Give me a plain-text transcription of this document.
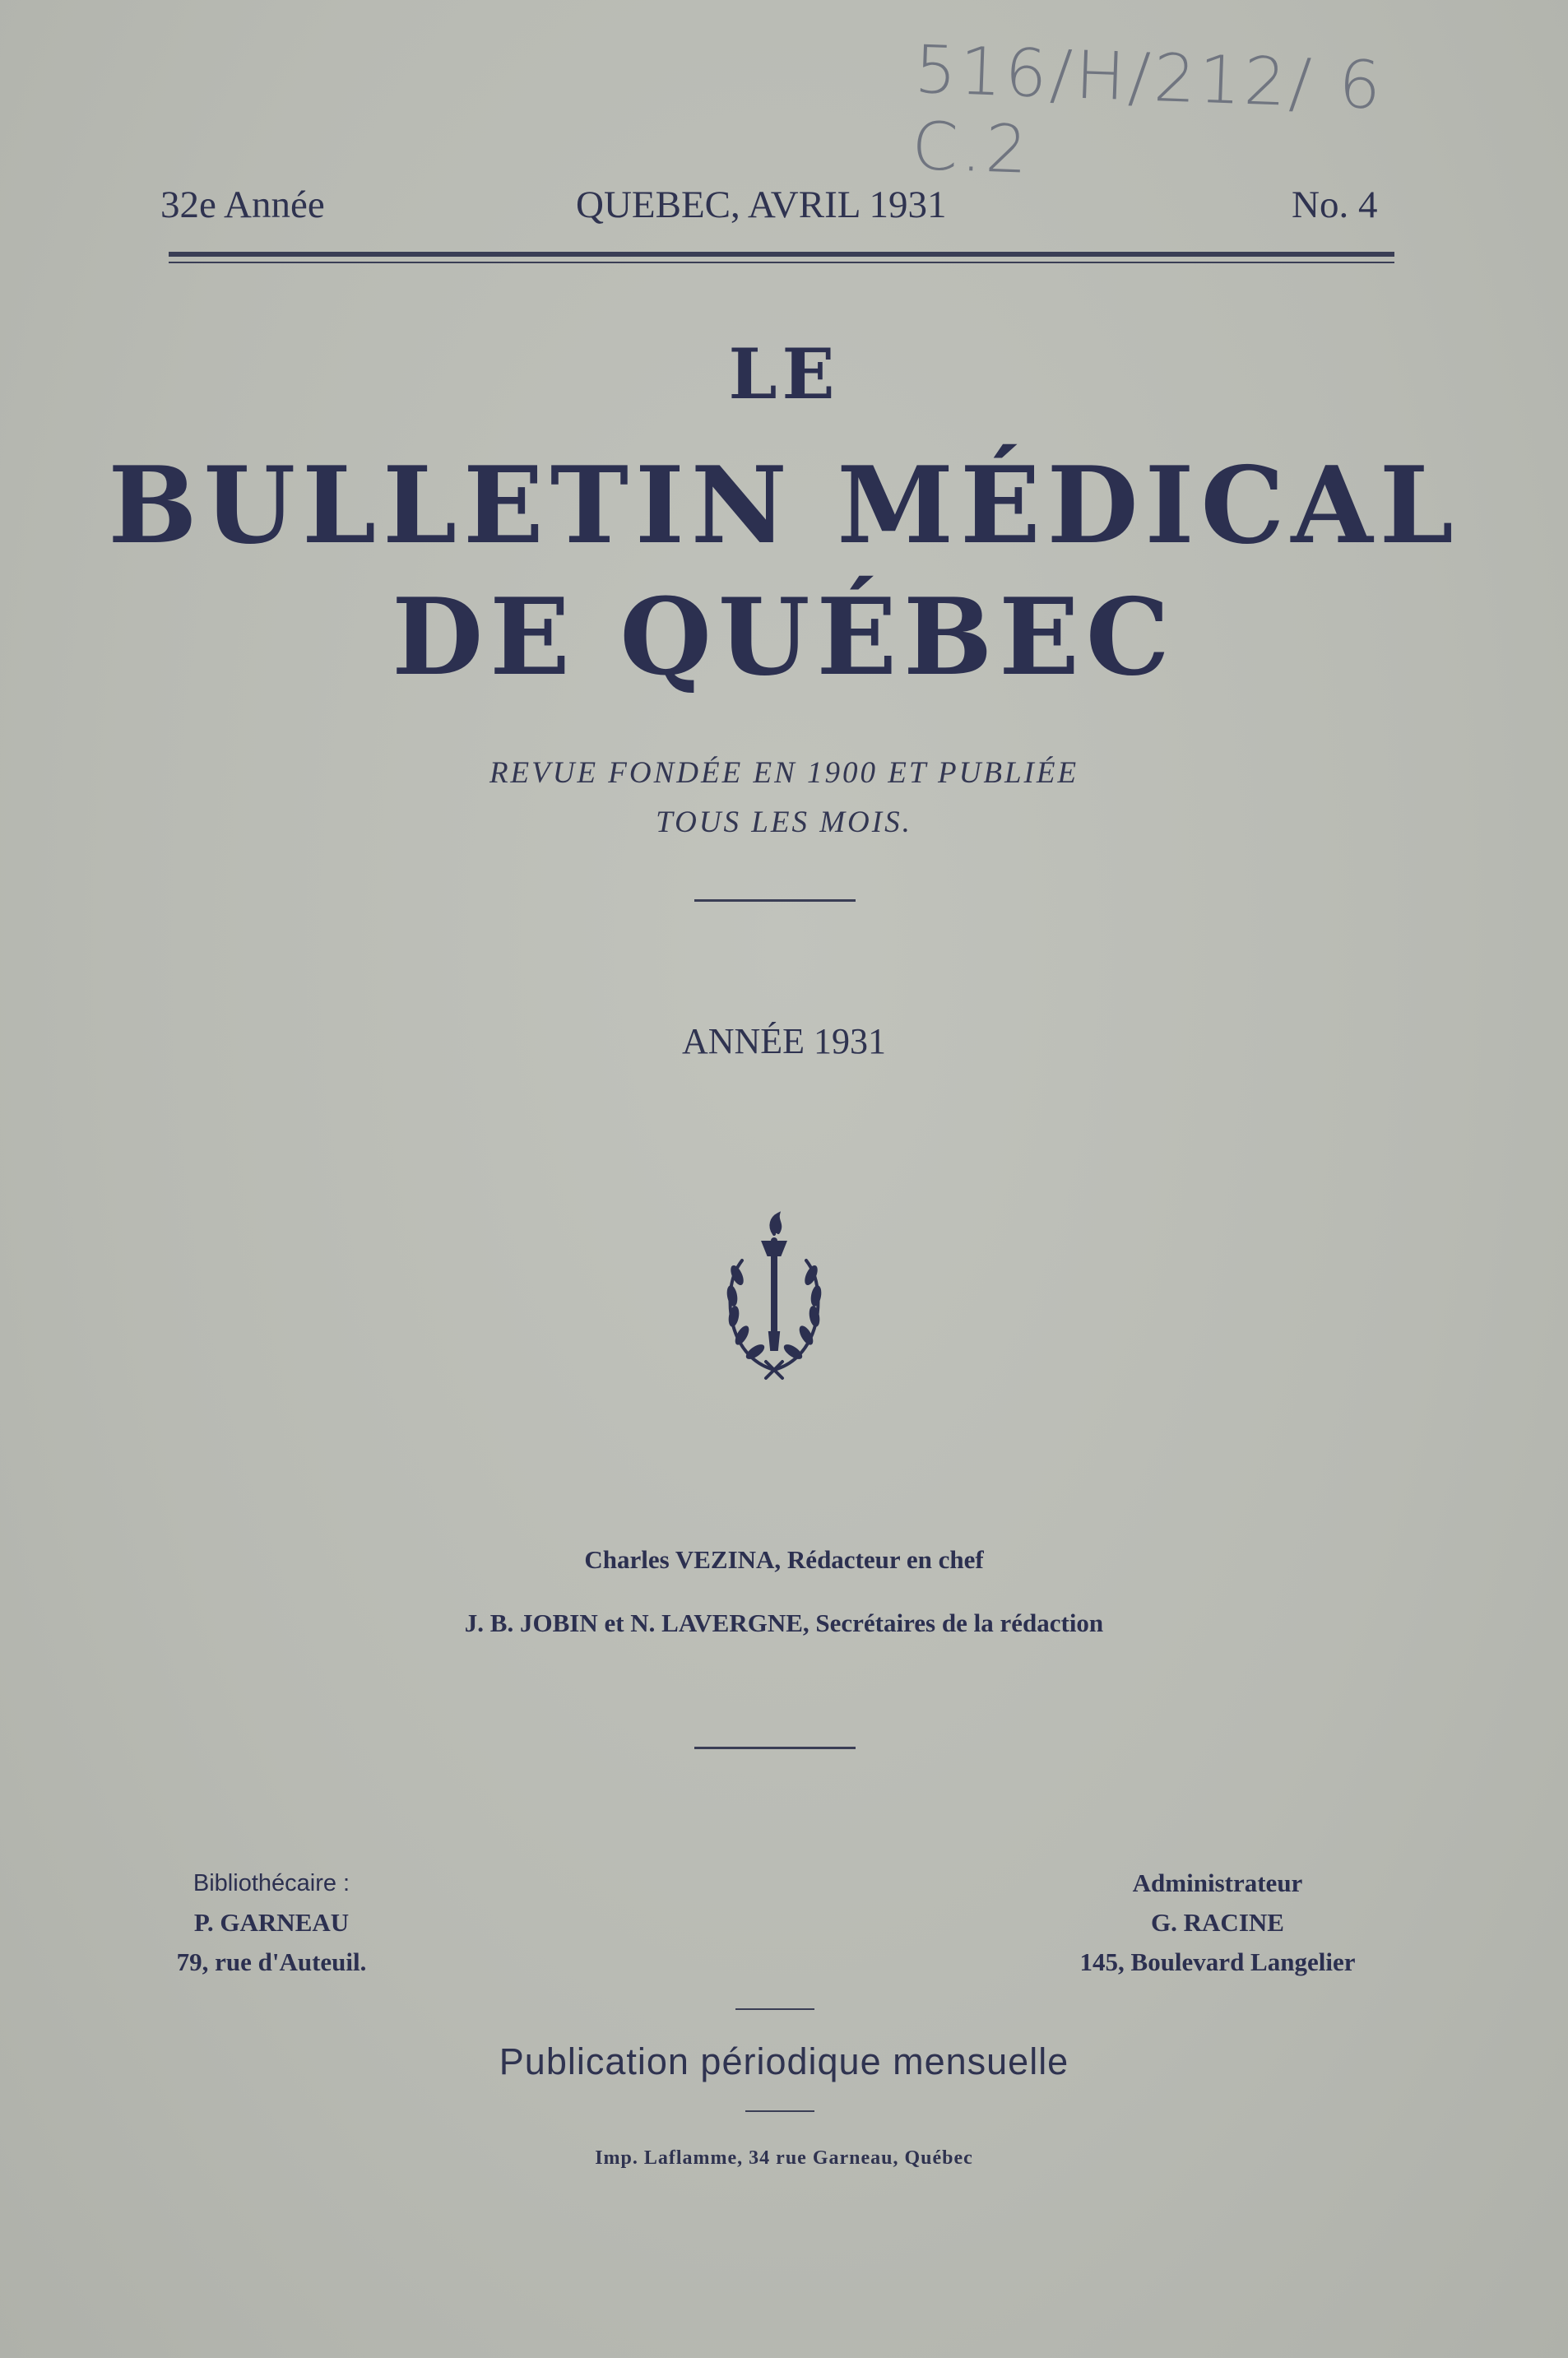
516/H/212/ 6 C.2
32e Année	QUEBEC, AVRIL 1931	No. 4
LE
BULLETIN MÉDICAL
DE QUÉBEC
REVUE FONDÉE EN 1900 ET PUBLIÉE
TOUS LES MOIS.
ANNÉE 1931
Charles VEZINA, Rédacteur en chef
J. B. JOBIN et N. LAVERGNE, Secrétaires de la rédaction
Bibliothécaire :
P. GARNEAU
79, rue d'Auteuil.
Administrateur
G. RACINE
145, Boulevard Langelier
Publication périodique mensuelle
Imp. Laflamme, 34 rue Garneau, Québec
